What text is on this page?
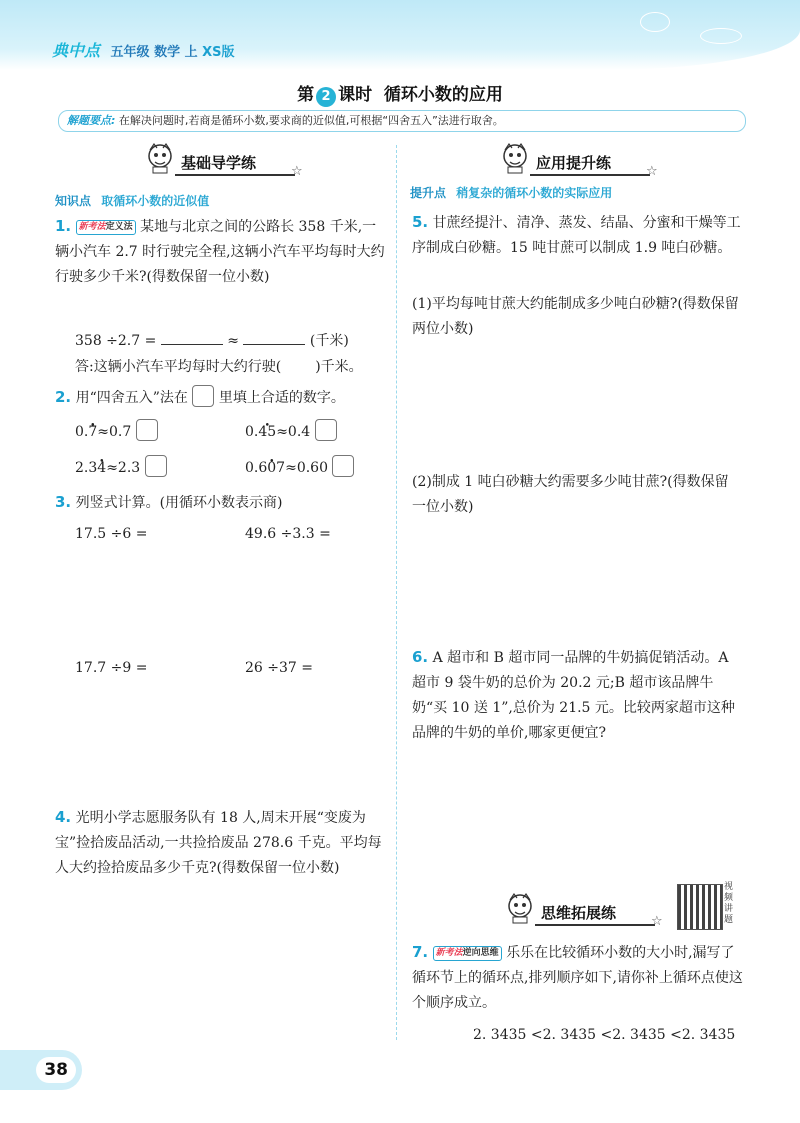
典中点 五年级 数学 上 XS版
第 2 课时 循环小数的应用
解题要点: 在解决问题时,若商是循环小数,要求商的近似值,可根据“四舍五入”法进行取舍。
基础导学练	☆
知识点 取循环小数的近似值
1. 新考法定义法 某地与北京之间的公路长 358 千米,一辆小汽车 2.7 时行驶完全程,这辆小汽车平均每时大约行驶多少千米?(得数保留一位小数)
358 ÷2.7 =	≈	(千米)
答:这辆小汽车平均每时大约行驶( )千米。
2. 用“四舍五入”法在 里填上合适的数字。
0.7 •≈0.7	0.45 •≈0.4
2.34 •≈2.3	0.607 •≈0.60
3. 列竖式计算。(用循环小数表示商)
17.5 ÷6 =	49.6 ÷3.3 =
17.7 ÷9 =	26 ÷37 =
4. 光明小学志愿服务队有 18 人,周末开展“变废为宝”捡拾废品活动,一共捡拾废品 278.6 千克。平均每人大约捡拾废品多少千克?(得数保留一位小数)
应用提升练	☆
提升点 稍复杂的循环小数的实际应用
5. 甘蔗经提汁、清净、蒸发、结晶、分蜜和干燥等工序制成白砂糖。15 吨甘蔗可以制成 1.9 吨白砂糖。
(1)平均每吨甘蔗大约能制成多少吨白砂糖?(得数保留两位小数)
(2)制成 1 吨白砂糖大约需要多少吨甘蔗?(得数保留一位小数)
6. A 超市和 B 超市同一品牌的牛奶搞促销活动。A 超市 9 袋牛奶的总价为 20.2 元;B 超市该品牌牛奶“买 10 送 1”,总价为 21.5 元。比较两家超市这种品牌的牛奶的单价,哪家更便宜?
思维拓展练	☆
视频讲题
7. 新考法逆向思维 乐乐在比较循环小数的大小时,漏写了循环节上的循环点,排列顺序如下,请你补上循环点使这个顺序成立。
2. 3435 <2. 3435 <2. 3435 <2. 3435
38
